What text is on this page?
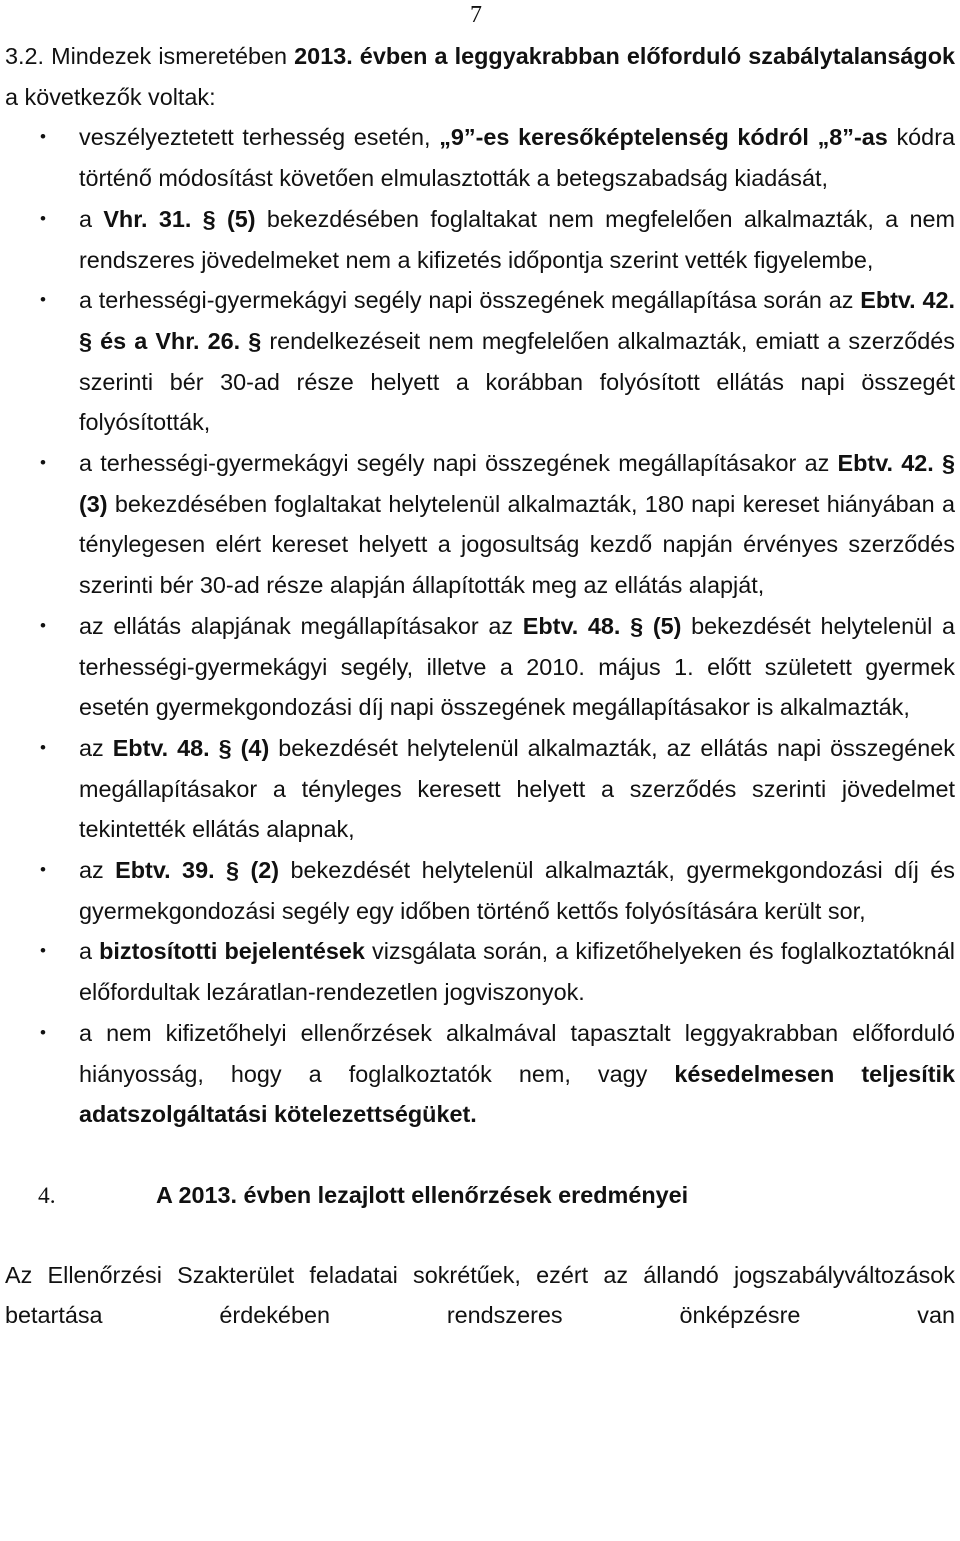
7

3.2. Mindezek ismeretében 2013. évben a leggyakrabban előforduló szabálytalanságok a következők voltak:

• veszélyeztetett terhesség esetén, „9”-es keresőképtelenség kódról „8”-as kódra történő módosítást követően elmulasztották a betegszabadság kiadását,
• a Vhr. 31. § (5) bekezdésében foglaltakat nem megfelelően alkalmazták, a nem rendszeres jövedelmeket nem a kifizetés időpontja szerint vették figyelembe,
• a terhességi-gyermekágyi segély napi összegének megállapítása során az Ebtv. 42. § és a Vhr. 26. § rendelkezéseit nem megfelelően alkalmazták, emiatt a szerződés szerinti bér 30-ad része helyett a korábban folyósított ellátás napi összegét folyósították,
• a terhességi-gyermekágyi segély napi összegének megállapításakor az Ebtv. 42. § (3) bekezdésében foglaltakat helytelenül alkalmazták, 180 napi kereset hiányában a ténylegesen elért kereset helyett a jogosultság kezdő napján érvényes szerződés szerinti bér 30-ad része alapján állapították meg az ellátás alapját,
• az ellátás alapjának megállapításakor az Ebtv. 48. § (5) bekezdését helytelenül a terhességi-gyermekágyi segély, illetve a 2010. május 1. előtt született gyermek esetén gyermekgondozási díj napi összegének megállapításakor is alkalmazták,
• az Ebtv. 48. § (4) bekezdését helytelenül alkalmazták, az ellátás napi összegének megállapításakor a tényleges keresett helyett a szerződés szerinti jövedelmet tekintették ellátás alapnak,
• az Ebtv. 39. § (2) bekezdését helytelenül alkalmazták, gyermekgondozási díj és gyermekgondozási segély egy időben történő kettős folyósítására került sor,
• a biztosítotti bejelentések vizsgálata során, a kifizetőhelyeken és foglalkoztatóknál előfordultak lezáratlan-rendezetlen jogviszonyok.
• a nem kifizetőhelyi ellenőrzések alkalmával tapasztalt leggyakrabban előforduló hiányosság, hogy a foglalkoztatók nem, vagy késedelmesen teljesítik adatszolgáltatási kötelezettségüket.
4.	A 2013. évben lezajlott ellenőrzések eredményei

Az Ellenőrzési Szakterület feladatai sokrétűek, ezért az állandó jogszabályváltozások betartása érdekében rendszeres önképzésre van
